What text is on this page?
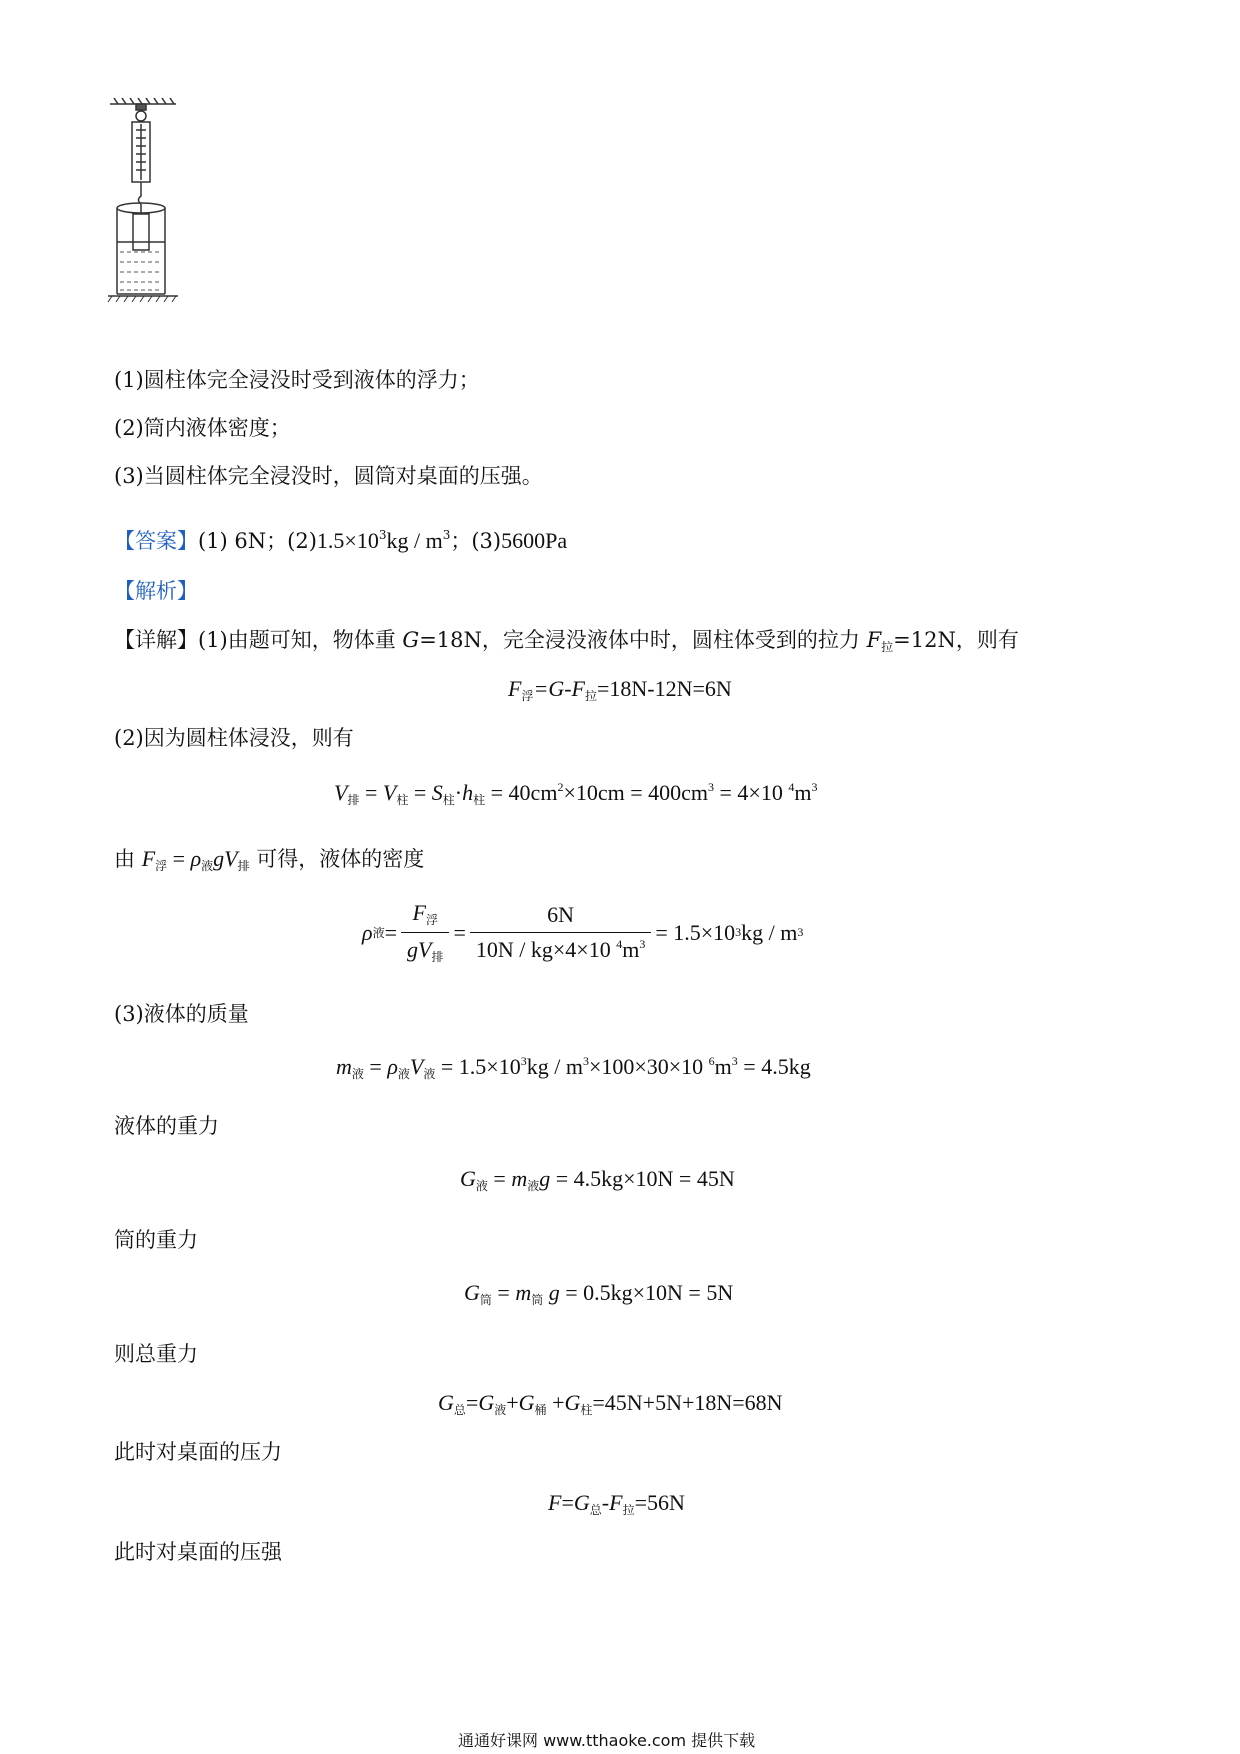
(1)圆柱体完全浸没时受到液体的浮力；
(2)筒内液体密度；
(3)当圆柱体完全浸没时，圆筒对桌面的压强。
【答案】(1) 6N；$(2)1.5\times 10^3kg / m^3$；(3)5600Pa
【解析】
【详解】(1)由题可知，物体重 G=18N，完全浸没液体中时，圆柱体受到的拉力 $F_拉=12N$，则有
$F_浮=G-F_拉=18N-12N=6N$
(2)因为圆柱体浸没，则有
$V_排 = V_柱 = S_柱\cdot h_柱 = 40cm^2\times 10cm = 400cm^3 = 4\times 10$ $^4m^3$
由 $F_浮 = \rho_液gV_排$ 可得，液体的密度
ρ 液 = $\frac{F_浮}{gV_排} = \frac{6N}{10N / kg\times 4\times 10 ^4m^3} = 1.5\times 10$ 3 kg / m 3
(3)液体的质量
$m_液 = \rho_液V_液 = 1.5\times 10^3kg / m^3\times 100\times 30\times 10$ $^6m^3 = 4.5kg$
液体的重力
$G_液 = m_液g = 4.5kg\times 10N = 45N$
筒的重力
$G_筒 = m_筒$ g = 0.5kg×10N = 5N
则总重力
$G_总=G_液+G_桶 +G_柱=45N+5N+18N=68N$
此时对桌面的压力
$F=G_总-F_拉=56N$
此时对桌面的压强
通通好课网 www.tthaoke.com 提供下载
